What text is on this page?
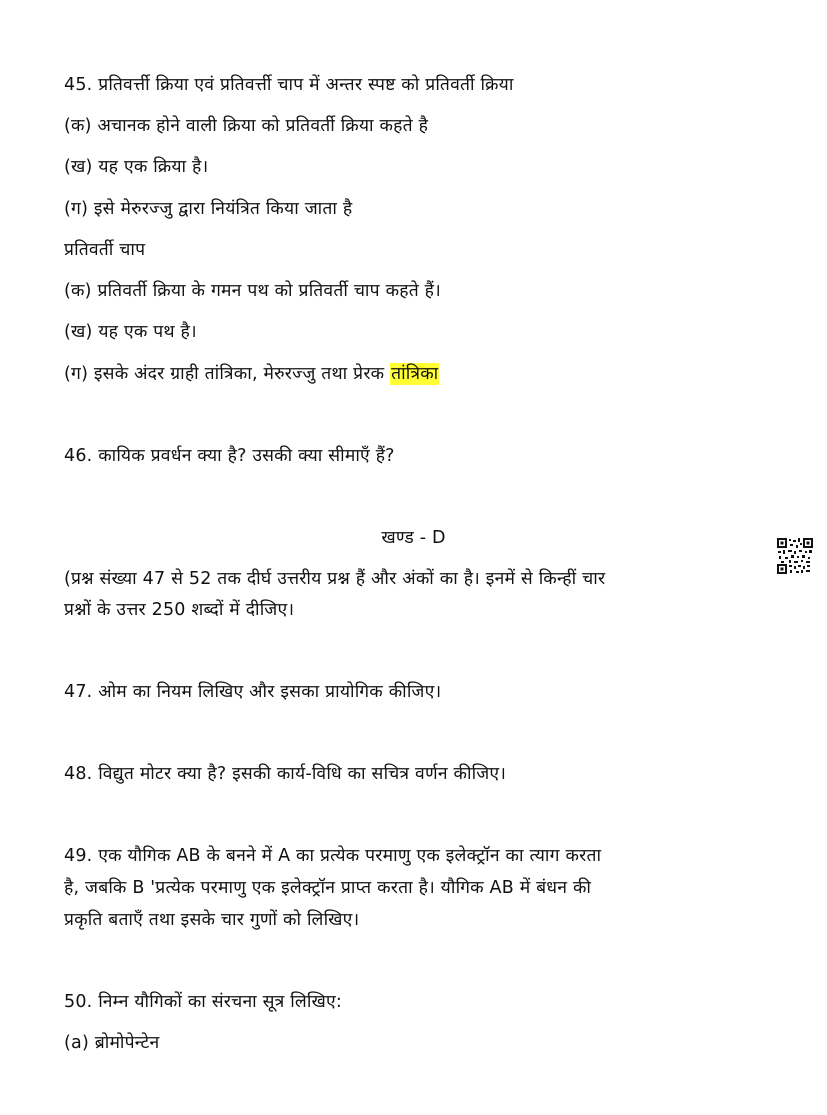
45. प्रतिवर्त्ती क्रिया एवं प्रतिवर्त्ती चाप में अन्तर स्पष्ट को प्रतिवर्ती क्रिया
(क) अचानक होने वाली क्रिया को प्रतिवर्ती क्रिया कहते है
(ख) यह एक क्रिया है।
(ग) इसे मेरुरज्जु द्वारा नियंत्रित किया जाता है
प्रतिवर्ती चाप
(क) प्रतिवर्ती क्रिया के गमन पथ को प्रतिवर्ती चाप कहते हैं।
(ख) यह एक पथ है।
(ग) इसके अंदर ग्राही तांत्रिका, मेरुरज्जु तथा प्रेरक तांत्रिका
46. कायिक प्रवर्धन क्या है? उसकी क्या सीमाएँ हैं?
खण्ड - D
(प्रश्न संख्या 47 से 52 तक दीर्घ उत्तरीय प्रश्न हैं और अंकों का है। इनमें से किन्हीं चार
प्रश्नों के उत्तर 250 शब्दों में दीजिए।
47. ओम का नियम लिखिए और इसका प्रायोगिक कीजिए।
48. विद्युत मोटर क्या है? इसकी कार्य-विधि का सचित्र वर्णन कीजिए।
49. एक यौगिक AB के बनने में A का प्रत्येक परमाणु एक इलेक्ट्रॉन का त्याग करता
है, जबकि B 'प्रत्येक परमाणु एक इलेक्ट्रॉन प्राप्त करता है। यौगिक AB में बंधन की
प्रकृति बताएँ तथा इसके चार गुणों को लिखिए।
50. निम्न यौगिकों का संरचना सूत्र लिखिए:
(a) ब्रोमोपेन्टेन
